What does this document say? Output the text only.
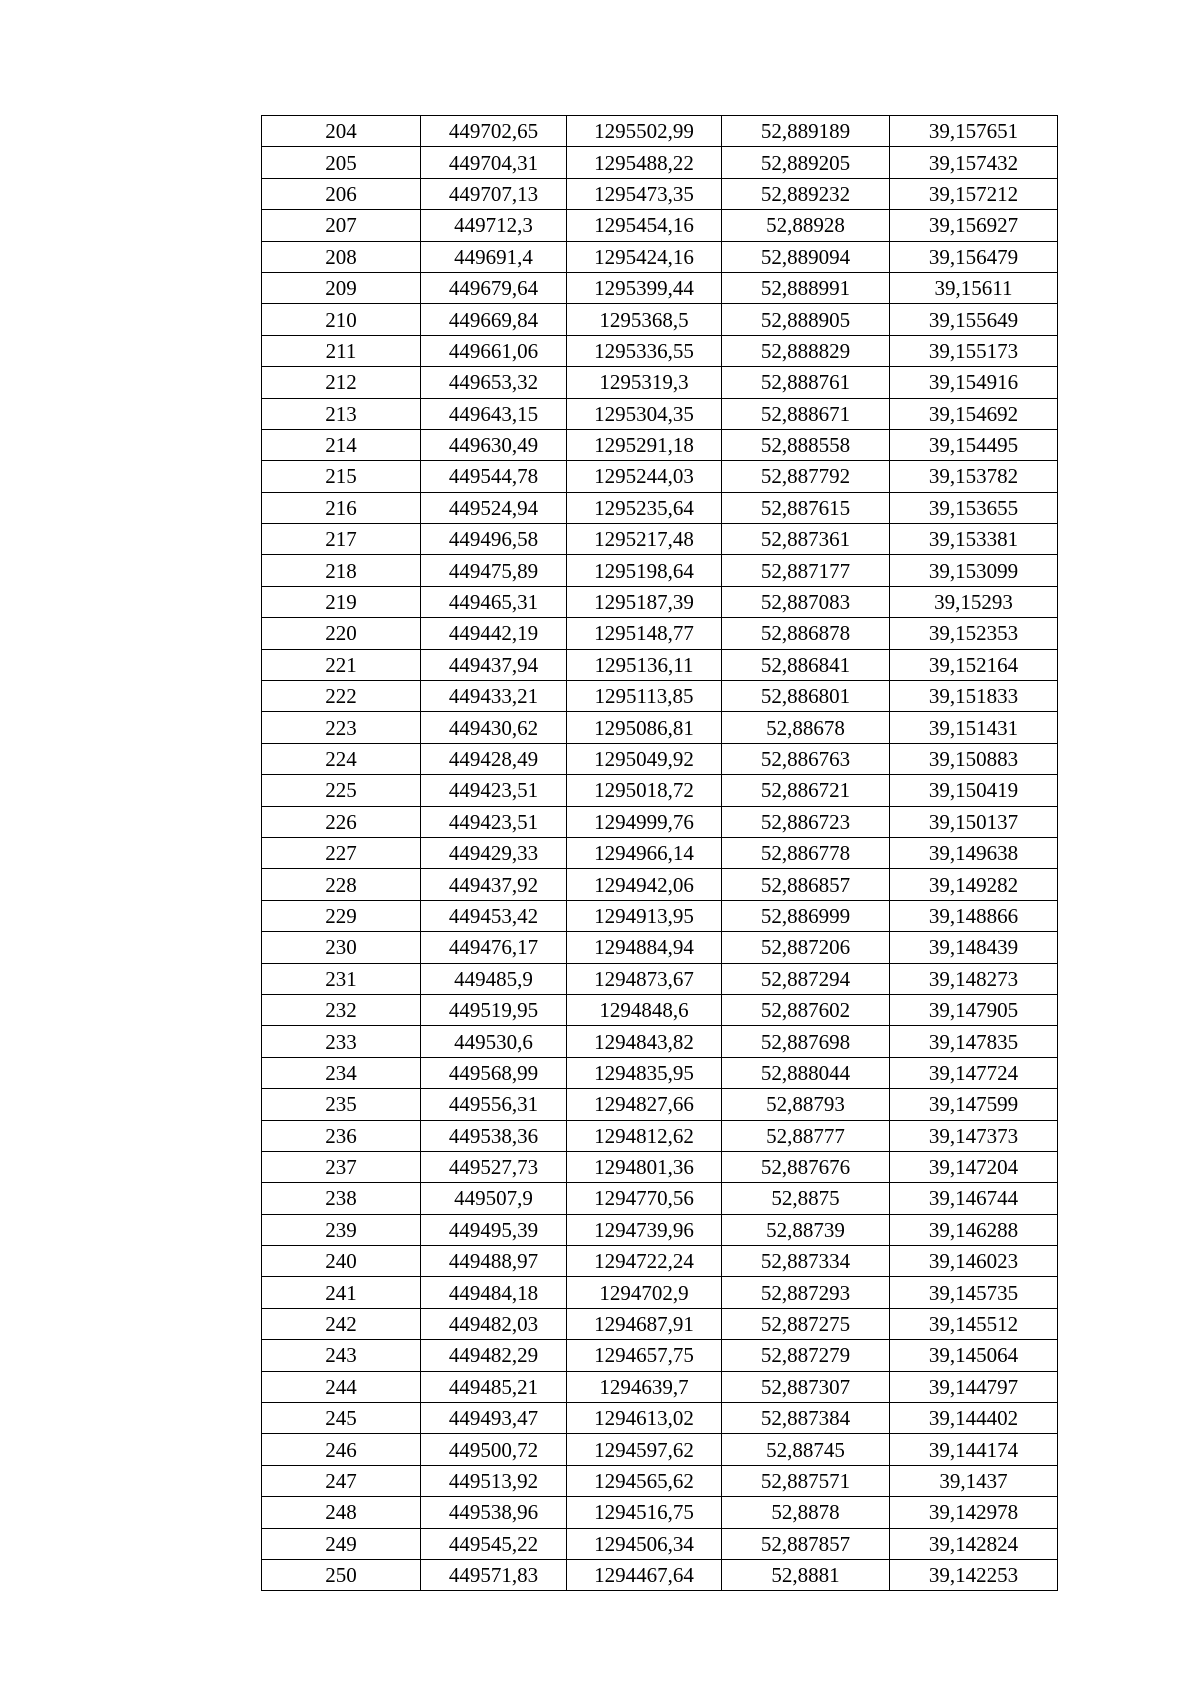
204	449702,65	1295502,99	52,889189	39,157651
205	449704,31	1295488,22	52,889205	39,157432
206	449707,13	1295473,35	52,889232	39,157212
207	449712,3	1295454,16	52,88928	39,156927
208	449691,4	1295424,16	52,889094	39,156479
209	449679,64	1295399,44	52,888991	39,15611
210	449669,84	1295368,5	52,888905	39,155649
211	449661,06	1295336,55	52,888829	39,155173
212	449653,32	1295319,3	52,888761	39,154916
213	449643,15	1295304,35	52,888671	39,154692
214	449630,49	1295291,18	52,888558	39,154495
215	449544,78	1295244,03	52,887792	39,153782
216	449524,94	1295235,64	52,887615	39,153655
217	449496,58	1295217,48	52,887361	39,153381
218	449475,89	1295198,64	52,887177	39,153099
219	449465,31	1295187,39	52,887083	39,15293
220	449442,19	1295148,77	52,886878	39,152353
221	449437,94	1295136,11	52,886841	39,152164
222	449433,21	1295113,85	52,886801	39,151833
223	449430,62	1295086,81	52,88678	39,151431
224	449428,49	1295049,92	52,886763	39,150883
225	449423,51	1295018,72	52,886721	39,150419
226	449423,51	1294999,76	52,886723	39,150137
227	449429,33	1294966,14	52,886778	39,149638
228	449437,92	1294942,06	52,886857	39,149282
229	449453,42	1294913,95	52,886999	39,148866
230	449476,17	1294884,94	52,887206	39,148439
231	449485,9	1294873,67	52,887294	39,148273
232	449519,95	1294848,6	52,887602	39,147905
233	449530,6	1294843,82	52,887698	39,147835
234	449568,99	1294835,95	52,888044	39,147724
235	449556,31	1294827,66	52,88793	39,147599
236	449538,36	1294812,62	52,88777	39,147373
237	449527,73	1294801,36	52,887676	39,147204
238	449507,9	1294770,56	52,8875	39,146744
239	449495,39	1294739,96	52,88739	39,146288
240	449488,97	1294722,24	52,887334	39,146023
241	449484,18	1294702,9	52,887293	39,145735
242	449482,03	1294687,91	52,887275	39,145512
243	449482,29	1294657,75	52,887279	39,145064
244	449485,21	1294639,7	52,887307	39,144797
245	449493,47	1294613,02	52,887384	39,144402
246	449500,72	1294597,62	52,88745	39,144174
247	449513,92	1294565,62	52,887571	39,1437
248	449538,96	1294516,75	52,8878	39,142978
249	449545,22	1294506,34	52,887857	39,142824
250	449571,83	1294467,64	52,8881	39,142253
